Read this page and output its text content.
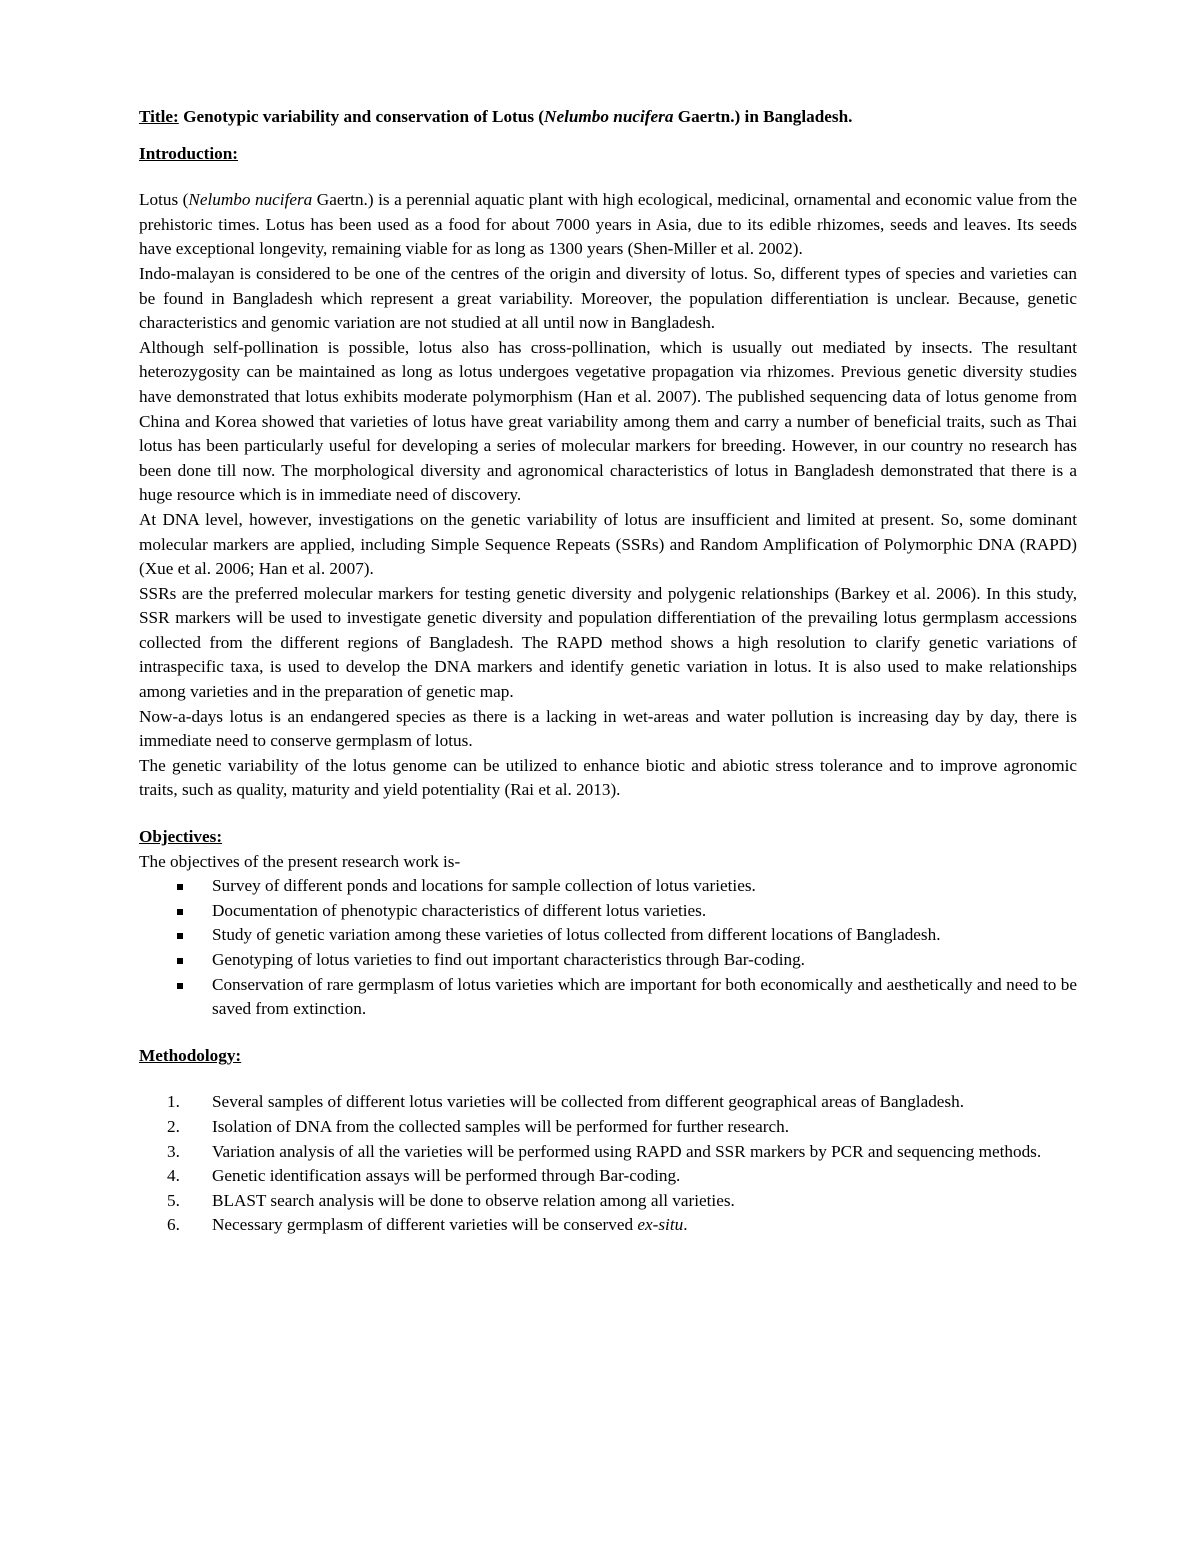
Title: Genotypic variability and conservation of Lotus (Nelumbo nucifera Gaertn.) in Bangladesh.

Introduction:

Lotus (Nelumbo nucifera Gaertn.) is a perennial aquatic plant with high ecological, medicinal, ornamental and economic value from the prehistoric times. Lotus has been used as a food for about 7000 years in Asia, due to its edible rhizomes, seeds and leaves. Its seeds have exceptional longevity, remaining viable for as long as 1300 years (Shen-Miller et al. 2002).

Indo-malayan is considered to be one of the centres of the origin and diversity of lotus. So, different types of species and varieties can be found in Bangladesh which represent a great variability. Moreover, the population differentiation is unclear. Because, genetic characteristics and genomic variation are not studied at all until now in Bangladesh.

Although self-pollination is possible, lotus also has cross-pollination, which is usually out mediated by insects. The resultant heterozygosity can be maintained as long as lotus undergoes vegetative propagation via rhizomes. Previous genetic diversity studies have demonstrated that lotus exhibits moderate polymorphism (Han et al. 2007). The published sequencing data of lotus genome from China and Korea showed that varieties of lotus have great variability among them and carry a number of beneficial traits, such as Thai lotus has been particularly useful for developing a series of molecular markers for breeding. However, in our country no research has been done till now. The morphological diversity and agronomical characteristics of lotus in Bangladesh demonstrated that there is a huge resource which is in immediate need of discovery.

At DNA level, however, investigations on the genetic variability of lotus are insufficient and limited at present. So, some dominant molecular markers are applied, including Simple Sequence Repeats (SSRs) and Random Amplification of Polymorphic DNA (RAPD) (Xue et al. 2006; Han et al. 2007).

SSRs are the preferred molecular markers for testing genetic diversity and polygenic relationships (Barkey et al. 2006). In this study, SSR markers will be used to investigate genetic diversity and population differentiation of the prevailing lotus germplasm accessions collected from the different regions of Bangladesh. The RAPD method shows a high resolution to clarify genetic variations of intraspecific taxa, is used to develop the DNA markers and identify genetic variation in lotus. It is also used to make relationships among varieties and in the preparation of genetic map.

Now-a-days lotus is an endangered species as there is a lacking in wet-areas and water pollution is increasing day by day, there is immediate need to conserve germplasm of lotus.

The genetic variability of the lotus genome can be utilized to enhance biotic and abiotic stress tolerance and to improve agronomic traits, such as quality, maturity and yield potentiality (Rai et al. 2013).

Objectives:

The objectives of the present research work is-

Survey of different ponds and locations for sample collection of lotus varieties.
Documentation of phenotypic characteristics of different lotus varieties.
Study of genetic variation among these varieties of lotus collected from different locations of Bangladesh.
Genotyping of lotus varieties to find out important characteristics through Bar-coding.
Conservation of rare germplasm of lotus varieties which are important for both economically and aesthetically and need to be saved from extinction.

Methodology:

1.	Several samples of different lotus varieties will be collected from different geographical areas of Bangladesh.
2.	Isolation of DNA from the collected samples will be performed for further research.
3.	Variation analysis of all the varieties will be performed using RAPD and SSR markers by PCR and sequencing methods.
4.	Genetic identification assays will be performed through Bar-coding.
5.	BLAST search analysis will be done to observe relation among all varieties.
6.	Necessary germplasm of different varieties will be conserved ex-situ.
